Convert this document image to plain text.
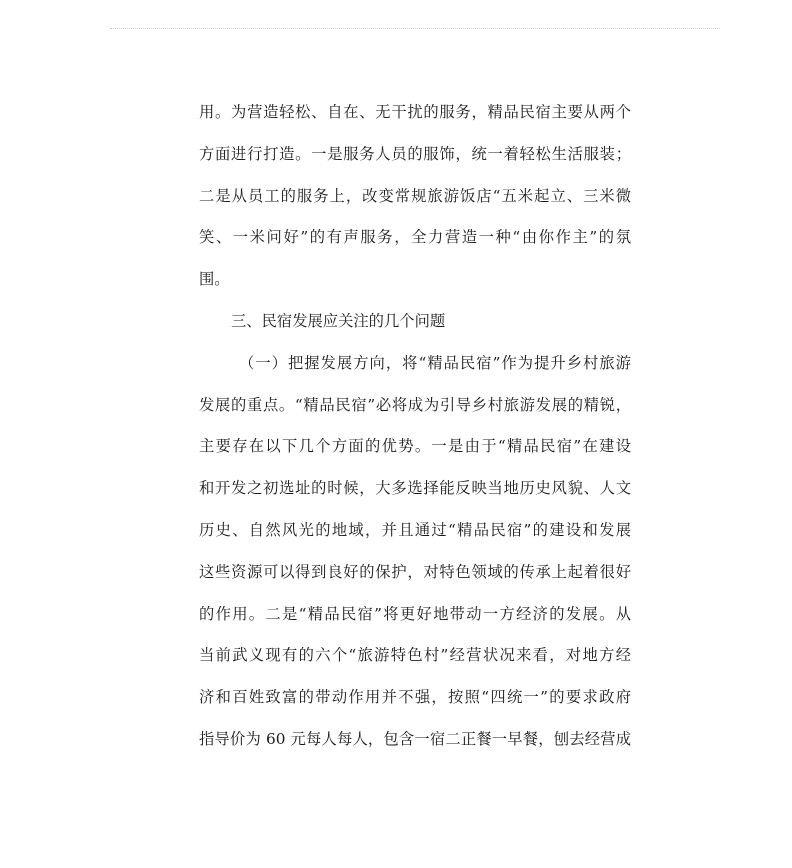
用。为营造轻松、自在、无干扰的服务，精品民宿主要从两个
方面进行打造。一是服务人员的服饰，统一着轻松生活服装；
二是从员工的服务上，改变常规旅游饭店“五米起立、三米微
笑、一米问好”的有声服务，全力营造一种“由你作主”的氛
围。
三、民宿发展应关注的几个问题
（一）把握发展方向，将“精品民宿”作为提升乡村旅游
发展的重点。“精品民宿”必将成为引导乡村旅游发展的精锐，
主要存在以下几个方面的优势。一是由于“精品民宿”在建设
和开发之初选址的时候，大多选择能反映当地历史风貌、人文
历史、自然风光的地域，并且通过“精品民宿”的建设和发展
这些资源可以得到良好的保护，对特色领域的传承上起着很好
的作用。二是“精品民宿”将更好地带动一方经济的发展。从
当前武义现有的六个“旅游特色村”经营状况来看，对地方经
济和百姓致富的带动作用并不强，按照“四统一”的要求政府
指导价为 60 元每人每人，包含一宿二正餐一早餐，刨去经营成
